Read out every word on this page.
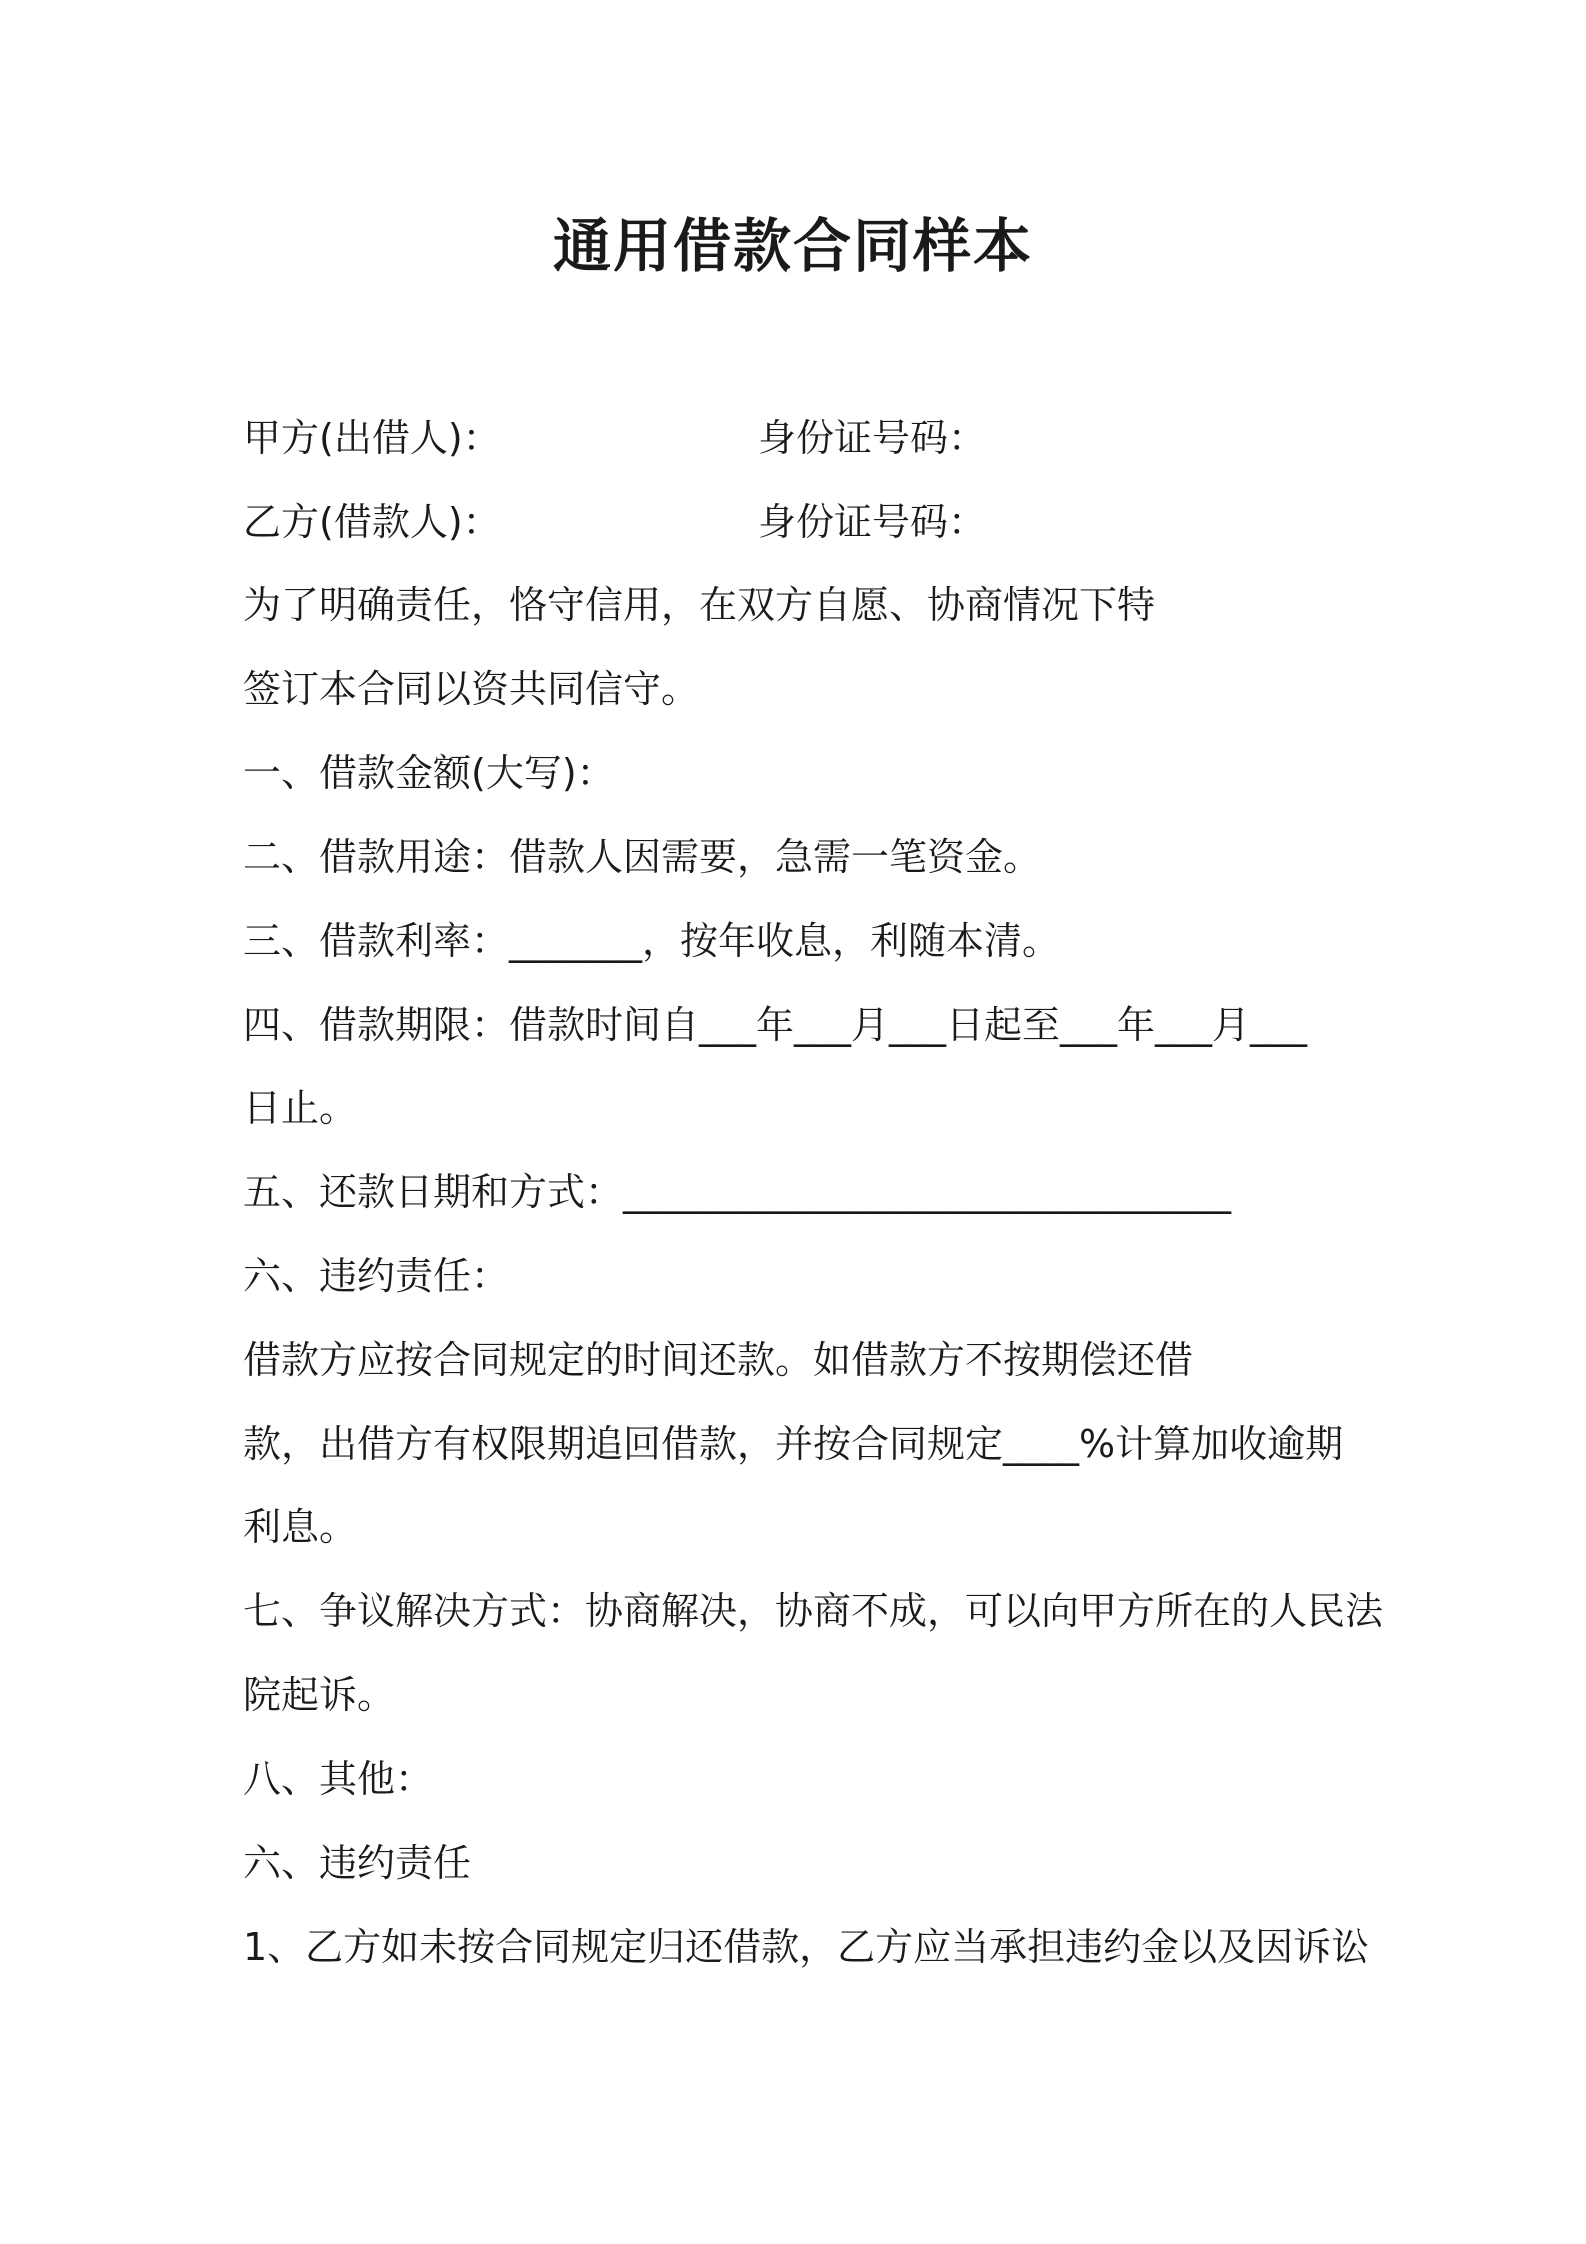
通用借款合同样本
甲方(出借人)：	身份证号码：
乙方(借款人)：	身份证号码：
为了明确责任，恪守信用，在双方自愿、协商情况下特
签订本合同以资共同信守。
一、借款金额(大写)：
二、借款用途：借款人因需要，急需一笔资金。
三、借款利率：_______，按年收息，利随本清。
四、借款期限：借款时间自___年___月___日起至___年___月___
日止。
五、还款日期和方式：________________________________
六、违约责任：
借款方应按合同规定的时间还款。如借款方不按期偿还借
款，出借方有权限期追回借款，并按合同规定____%计算加收逾期
利息。
七、争议解决方式：协商解决，协商不成，可以向甲方所在的人民法
院起诉。
八、其他：
六、违约责任
1、乙方如未按合同规定归还借款，乙方应当承担违约金以及因诉讼
